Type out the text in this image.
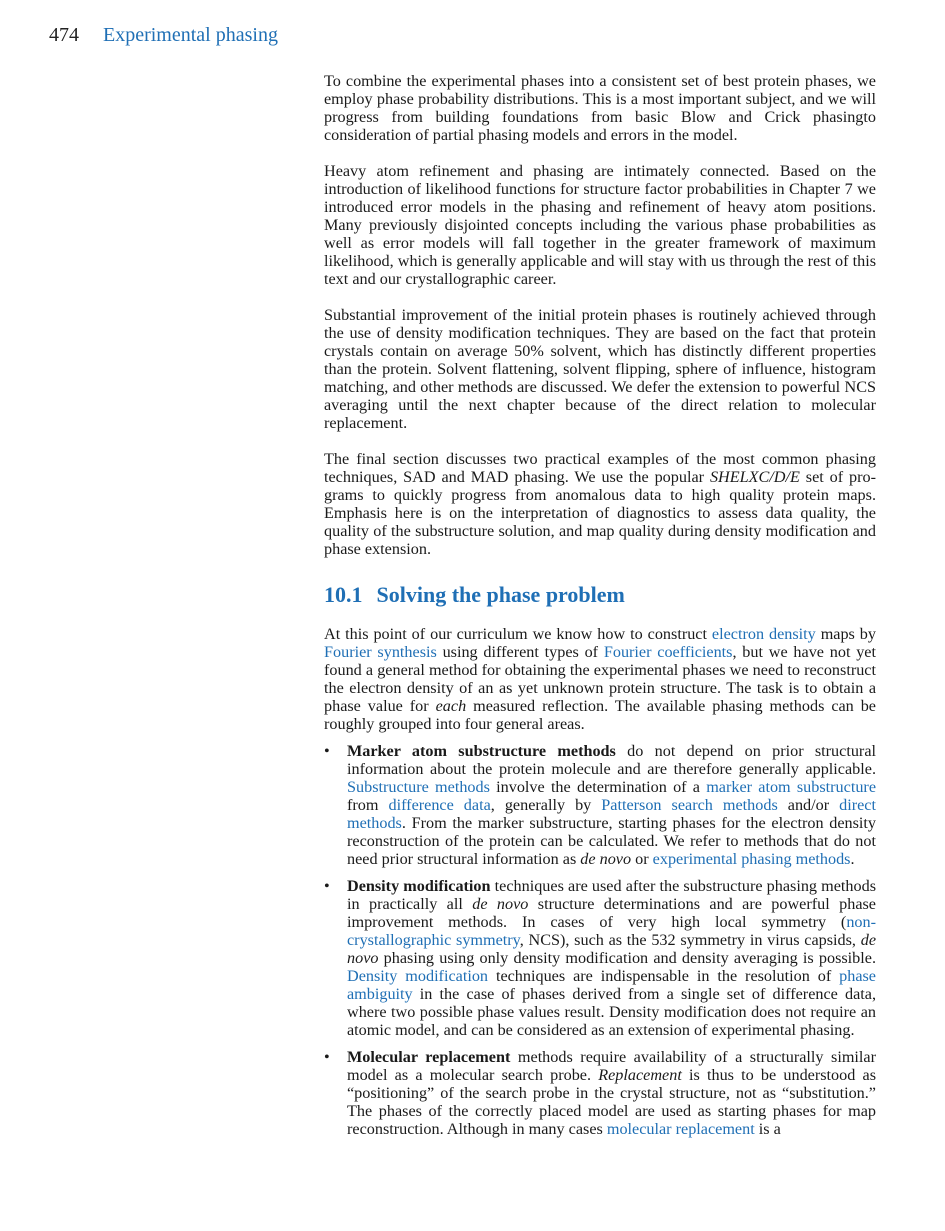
474 Experimental phasing

To combine the experimental phases into a consistent set of best protein phases, we employ phase probability distributions. This is a most important subject, and we will progress from building foundations from basic Blow and Crick phasingto consideration of partial phasing models and errors in the model.

Heavy atom refinement and phasing are intimately connected. Based on the introduction of likelihood functions for structure factor probabilities in Chapter 7 we introduced error models in the phasing and refinement of heavy atom positions. Many previously disjointed concepts including the various phase probabilities as well as error models will fall together in the greater framework of maximum likelihood, which is generally applicable and will stay with us through the rest of this text and our crystallographic career.

Substantial improvement of the initial protein phases is routinely achieved through the use of density modification techniques. They are based on the fact that protein crystals contain on average 50% solvent, which has distinctly different properties than the protein. Solvent flattening, solvent flipping, sphere of influence, histogram matching, and other methods are discussed. We defer the extension to powerful NCS averaging until the next chapter because of the direct relation to molecular replacement.

The final section discusses two practical examples of the most common phasing techniques, SAD and MAD phasing. We use the popular SHELXC/D/E set of programs to quickly progress from anomalous data to high quality protein maps. Emphasis here is on the interpretation of diagnostics to assess data quality, the quality of the substructure solution, and map quality during density modification and phase extension.

10.1 Solving the phase problem

At this point of our curriculum we know how to construct electron density maps by Fourier synthesis using different types of Fourier coefficients, but we have not yet found a general method for obtaining the experimental phases we need to reconstruct the electron density of an as yet unknown protein structure. The task is to obtain a phase value for each measured reflection. The available phasing methods can be roughly grouped into four general areas.

• Marker atom substructure methods do not depend on prior structural information about the protein molecule and are therefore generally applicable. Substructure methods involve the determination of a marker atom substructure from difference data, generally by Patterson search methods and/or direct methods. From the marker substructure, starting phases for the electron density reconstruction of the protein can be calculated. We refer to methods that do not need prior structural information as de novo or experimental phasing methods.
• Density modification techniques are used after the substructure phasing methods in practically all de novo structure determinations and are powerful phase improvement methods. In cases of very high local symmetry (non-crystallographic symmetry, NCS), such as the 532 symmetry in virus capsids, de novo phasing using only density modification and density averaging is possible. Density modification techniques are indispensable in the resolution of phase ambiguity in the case of phases derived from a single set of difference data, where two possible phase values result. Density modification does not require an atomic model, and can be considered as an extension of experimental phasing.
• Molecular replacement methods require availability of a structurally similar model as a molecular search probe. Replacement is thus to be understood as “positioning” of the search probe in the crystal structure, not as “substitution.” The phases of the correctly placed model are used as starting phases for map reconstruction. Although in many cases molecular replacement is a
